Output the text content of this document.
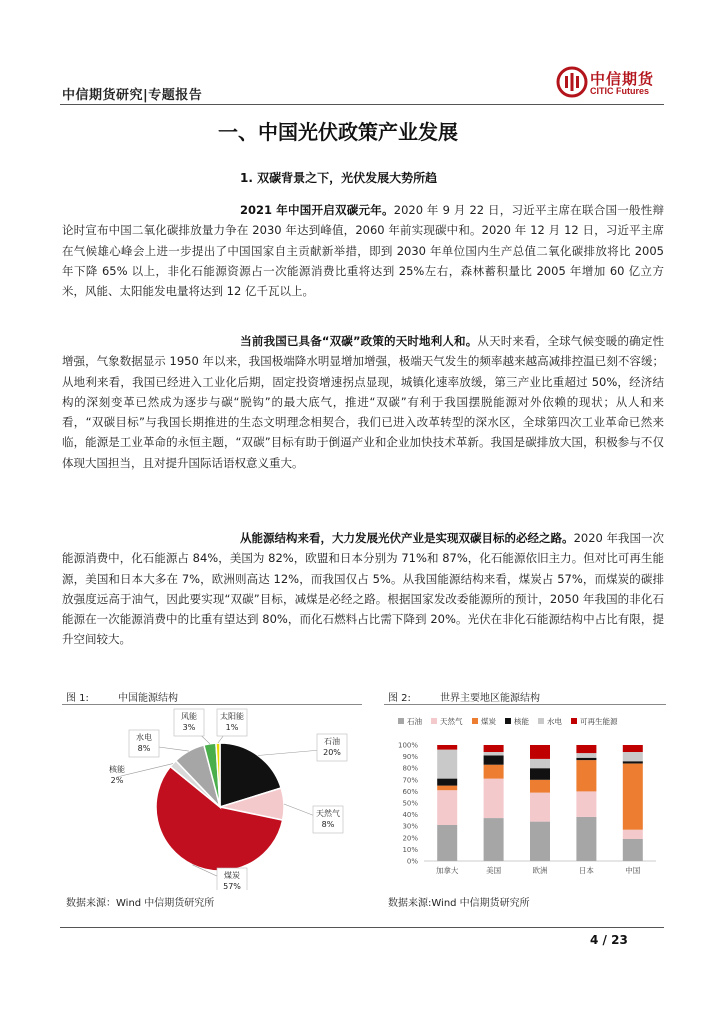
中信期货研究|专题报告
中信期货
CITIC Futures
一、中国光伏政策产业发展
1. 双碳背景之下，光伏发展大势所趋
2021 年中国开启双碳元年。2020 年 9 月 22 日，习近平主席在联合国一般性辩论时宣布中国二氧化碳排放量力争在 2030 年达到峰值，2060 年前实现碳中和。2020 年 12 月 12 日，习近平主席在气候雄心峰会上进一步提出了中国国家自主贡献新举措，即到 2030 年单位国内生产总值二氧化碳排放将比 2005 年下降 65% 以上，非化石能源资源占一次能源消费比重将达到 25%左右，森林蓄积量比 2005 年增加 60 亿立方米，风能、太阳能发电量将达到 12 亿千瓦以上。
当前我国已具备“双碳”政策的天时地利人和。从天时来看，全球气候变暖的确定性增强，气象数据显示 1950 年以来，我国极端降水明显增加增强，极端天气发生的频率越来越高减排控温已刻不容缓；从地利来看，我国已经进入工业化后期，固定投资增速拐点显现，城镇化速率放缓，第三产业比重超过 50%，经济结构的深刻变革已然成为逐步与碳“脱钩”的最大底气，推进“双碳”有利于我国摆脱能源对外依赖的现状；从人和来看，“双碳目标”与我国长期推进的生态文明理念相契合，我们已进入改革转型的深水区，全球第四次工业革命已然来临，能源是工业革命的永恒主题，“双碳”目标有助于倒逼产业和企业加快技术革新。我国是碳排放大国，积极参与不仅体现大国担当，且对提升国际话语权意义重大。
从能源结构来看，大力发展光伏产业是实现双碳目标的必经之路。2020 年我国一次能源消费中，化石能源占 84%，美国为 82%，欧盟和日本分别为 71%和 87%，化石能源依旧主力。但对比可再生能源，美国和日本大多在 7%，欧洲则高达 12%，而我国仅占 5%。从我国能源结构来看，煤炭占 57%，而煤炭的碳排放强度远高于油气，因此要实现“双碳”目标，减煤是必经之路。根据国家发改委能源所的预计，2050 年我国的非化石能源在一次能源消费中的比重有望达到 80%，而化石燃料占比需下降到 20%。光伏在非化石能源结构中占比有限，提升空间较大。
图 1:	中国能源结构
石油
20%
天然气
8%
煤炭
57%
核能
2%
水电
8%
风能
3%
太阳能
1%
数据来源：Wind 中信期货研究所
图 2:	世界主要地区能源结构
石油 天然气 煤炭 核能 水电 可再生能源
0%
10%
20%
30%
40%
50%
60%
70%
80%
90%
100%
加拿大	美国	欧洲	日本	中国
数据来源:Wind 中信期货研究所
4 / 23
